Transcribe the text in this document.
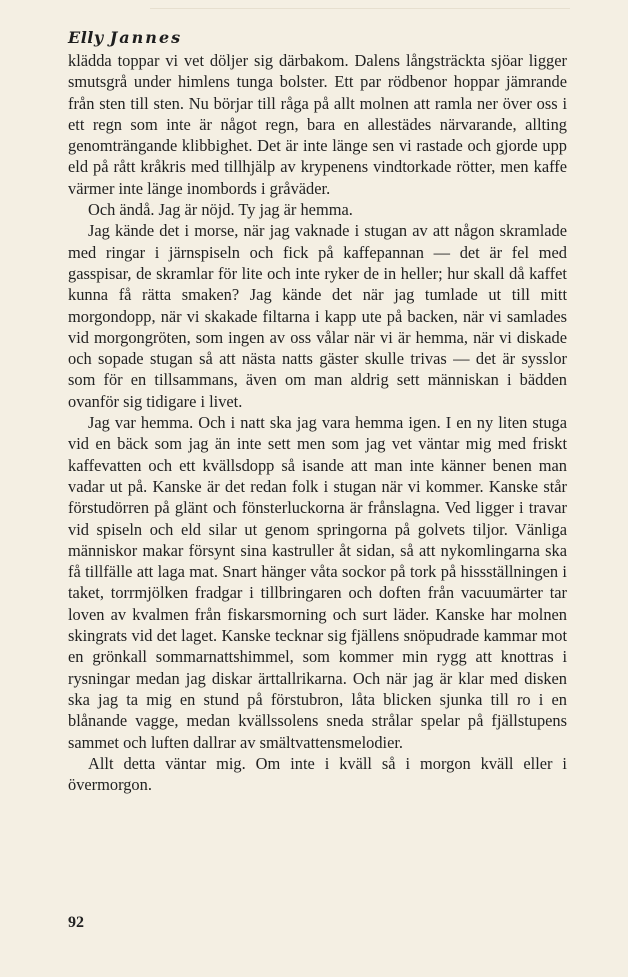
Elly Jannes

klädda toppar vi vet döljer sig därbakom. Dalens långsträckta sjöar ligger smutsgrå under himlens tunga bolster. Ett par rödbenor hoppar jämrande från sten till sten. Nu börjar till råga på allt molnen att ramla ner över oss i ett regn som inte är något regn, bara en allestädes närvarande, allting genomträngande klibbighet. Det är inte länge sen vi rastade och gjorde upp eld på rått kråkris med tillhjälp av krypenens vindtorkade rötter, men kaffe värmer inte länge inombords i gråväder.

Och ändå. Jag är nöjd. Ty jag är hemma.

Jag kände det i morse, när jag vaknade i stugan av att någon skramlade med ringar i järnspiseln och fick på kaffepannan — det är fel med gasspisar, de skramlar för lite och inte ryker de in heller; hur skall då kaffet kunna få rätta smaken? Jag kände det när jag tumlade ut till mitt morgondopp, när vi skakade filtarna i kapp ute på backen, när vi samlades vid morgongröten, som ingen av oss vålar när vi är hemma, när vi diskade och sopade stugan så att nästa natts gäster skulle trivas — det är sysslor som för en tillsammans, även om man aldrig sett människan i bädden ovanför sig tidigare i livet.

Jag var hemma. Och i natt ska jag vara hemma igen. I en ny liten stuga vid en bäck som jag än inte sett men som jag vet väntar mig med friskt kaffevatten och ett kvällsdopp så isande att man inte känner benen man vadar ut på. Kanske är det redan folk i stugan när vi kommer. Kanske står förstudörren på glänt och fönsterluckorna är frånslagna. Ved ligger i travar vid spiseln och eld silar ut genom springorna på golvets tiljor. Vänliga människor makar försynt sina kastruller åt sidan, så att nykomlingarna ska få tillfälle att laga mat. Snart hänger våta sockor på tork på hissställningen i taket, torrmjölken fradgar i tillbringaren och doften från vacuumärter tar loven av kvalmen från fiskarsmorning och surt läder. Kanske har molnen skingrats vid det laget. Kanske tecknar sig fjällens snöpudrade kammar mot en grönkall sommarnattshimmel, som kommer min rygg att knottras i rysningar medan jag diskar ärttallrikarna. Och när jag är klar med disken ska jag ta mig en stund på förstubron, låta blicken sjunka till ro i en blånande vagge, medan kvällssolens sneda strålar spelar på fjällstupens sammet och luften dallrar av smältvattensmelodier.

Allt detta väntar mig. Om inte i kväll så i morgon kväll eller i övermorgon.

92
